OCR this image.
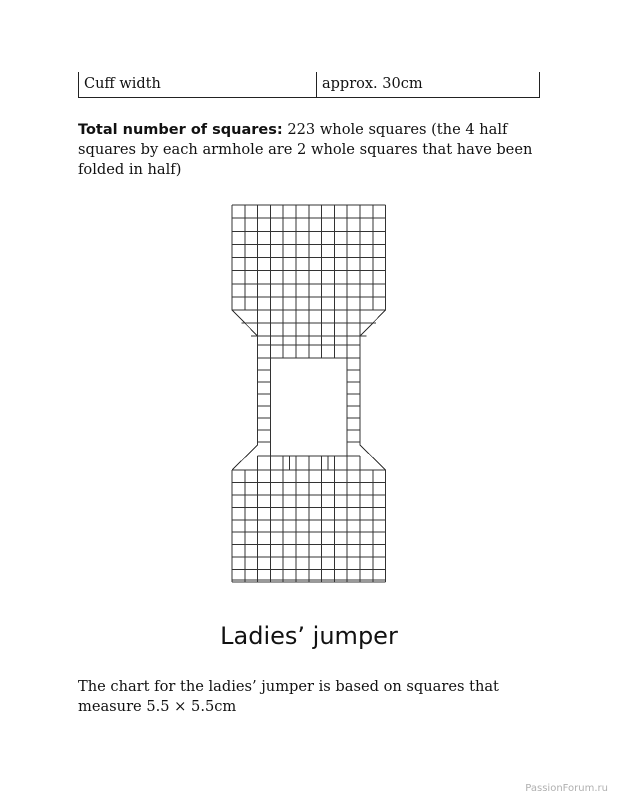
Cuff width	approx. 30cm
Total number of squares: 223 whole squares (the 4 half squares by each armhole are 2 whole squares that have been folded in half)
Ladies’ jumper
The chart for the ladies’ jumper is based on squares that measure 5.5 × 5.5cm
PassionForum.ru
